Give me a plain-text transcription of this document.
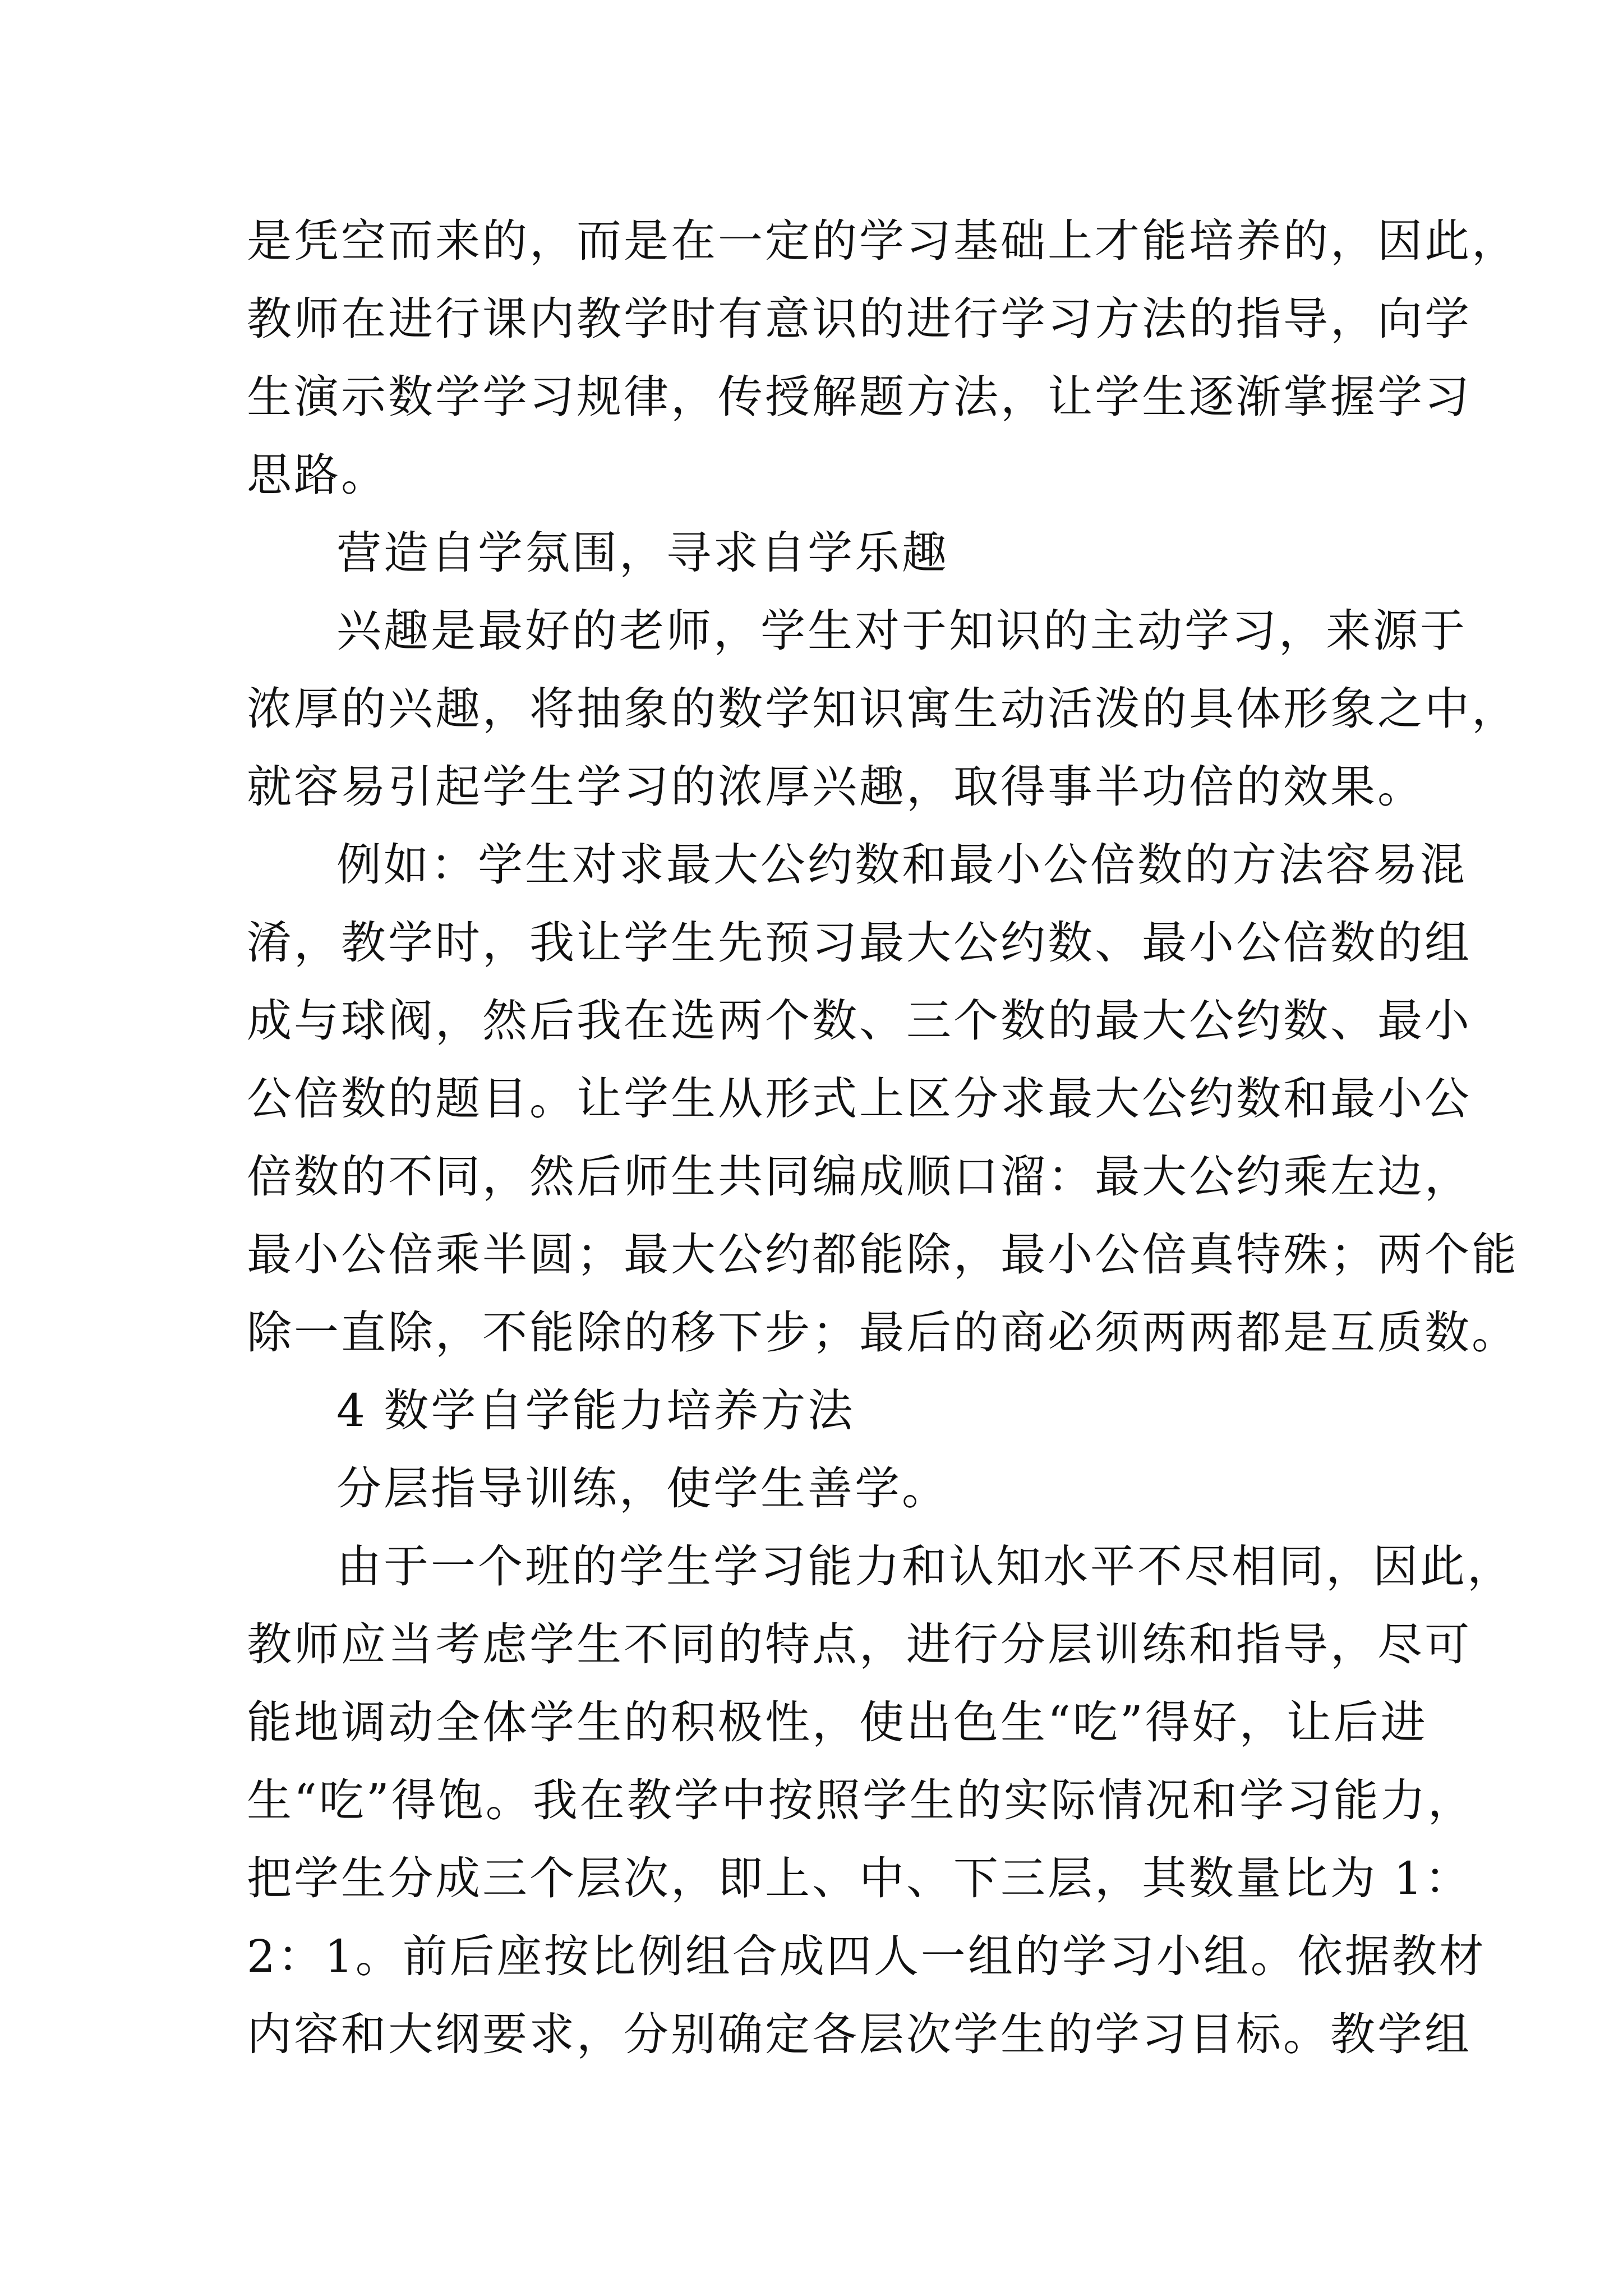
是凭空而来的，而是在一定的学习基础上才能培养的，因此，
教师在进行课内教学时有意识的进行学习方法的指导，向学
生演示数学学习规律，传授解题方法，让学生逐渐掌握学习
思路。
营造自学氛围，寻求自学乐趣
兴趣是最好的老师，学生对于知识的主动学习，来源于
浓厚的兴趣，将抽象的数学知识寓生动活泼的具体形象之中，
就容易引起学生学习的浓厚兴趣，取得事半功倍的效果。
例如：学生对求最大公约数和最小公倍数的方法容易混
淆，教学时，我让学生先预习最大公约数、最小公倍数的组
成与球阀，然后我在选两个数、三个数的最大公约数、最小
公倍数的题目。让学生从形式上区分求最大公约数和最小公
倍数的不同，然后师生共同编成顺口溜：最大公约乘左边，
最小公倍乘半圆；最大公约都能除，最小公倍真特殊；两个能
除一直除，不能除的移下步；最后的商必须两两都是互质数。
4 数学自学能力培养方法
分层指导训练，使学生善学。
由于一个班的学生学习能力和认知水平不尽相同，因此，
教师应当考虑学生不同的特点，进行分层训练和指导，尽可
能地调动全体学生的积极性，使出色生“吃”得好，让后进
生“吃”得饱。我在教学中按照学生的实际情况和学习能力，
把学生分成三个层次，即上、中、下三层，其数量比为 1：
2：1。前后座按比例组合成四人一组的学习小组。依据教材
内容和大纲要求，分别确定各层次学生的学习目标。教学组
